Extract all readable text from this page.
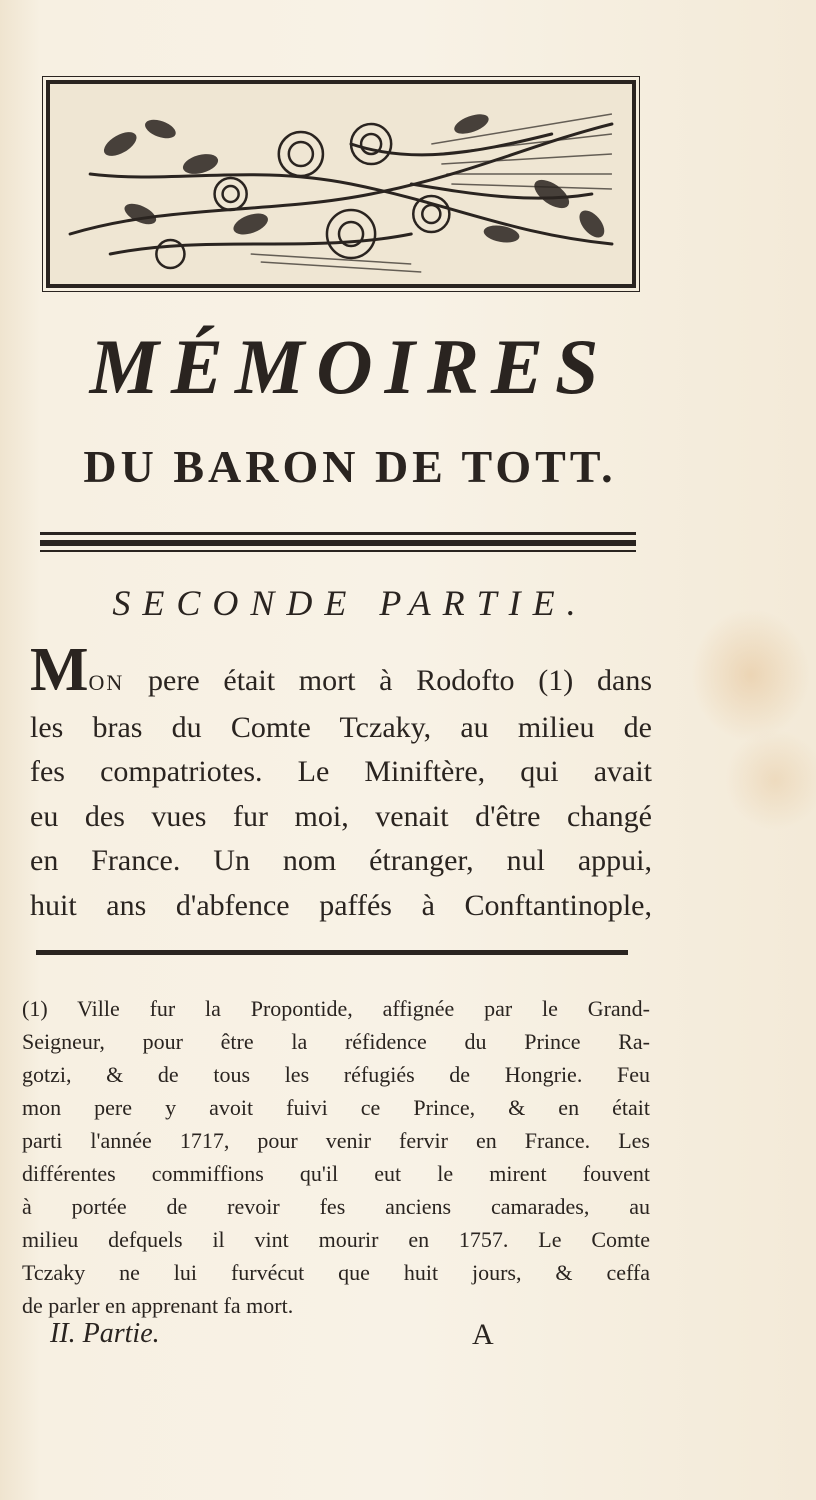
MÉMOIRES
DU BARON DE TOTT.
SECONDE PARTIE.
MON pere était mort à Rodofto (1) dans
les bras du Comte Tczaky, au milieu de
fes compatriotes. Le Miniftère, qui avait
eu des vues fur moi, venait d'être changé
en France. Un nom étranger, nul appui,
huit ans d'abfence paffés à Conftantinople,
(1) Ville fur la Propontide, affignée par le Grand-
Seigneur, pour être la réfidence du Prince Ra-
gotzi, & de tous les réfugiés de Hongrie. Feu
mon pere y avoit fuivi ce Prince, & en était
parti l'année 1717, pour venir fervir en France. Les
différentes commiffions qu'il eut le mirent fouvent
à portée de revoir fes anciens camarades, au
milieu defquels il vint mourir en 1757. Le Comte
Tczaky ne lui furvécut que huit jours, & ceffa
de parler en apprenant fa mort.
II. Partie.	A
